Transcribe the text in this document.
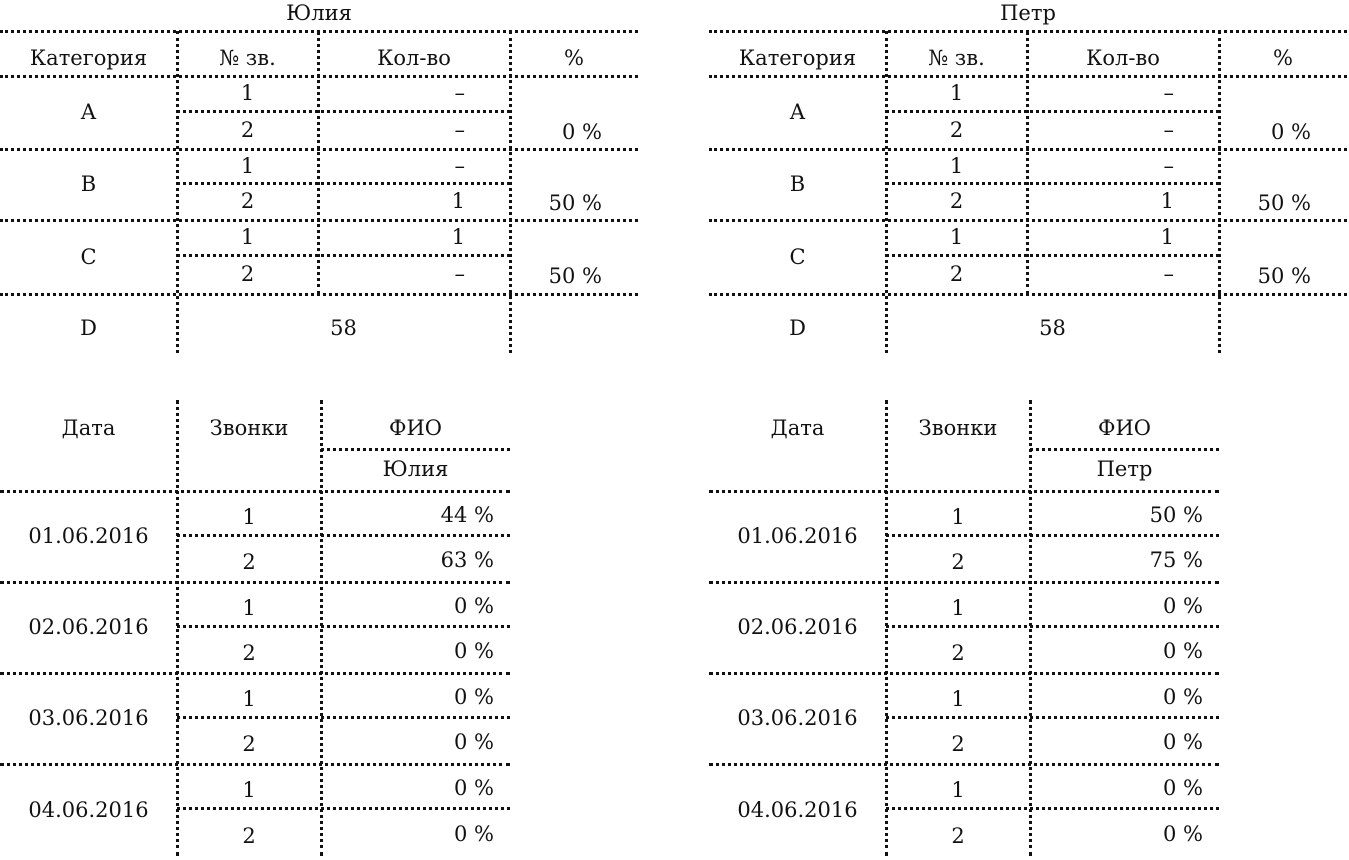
Юлия
Категория	№ зв.	Кол-во	%
A
1	–
2	–	0 %
B
1	–
2	1	50 %
C
1	1
2	–	50 %
D	58
Петр
Категория	№ зв.	Кол-во	%
A
1	–
2	–	0 %
B
1	–
2	1	50 %
C
1	1
2	–	50 %
D	58
Дата	Звонки	ФИО
Юлия
01.06.2016
1	44 %
2	63 %
02.06.2016
1	0 %
2	0 %
03.06.2016
1	0 %
2	0 %
04.06.2016
1	0 %
2	0 %
Дата	Звонки	ФИО
Петр
01.06.2016
1	50 %
2	75 %
02.06.2016
1	0 %
2	0 %
03.06.2016
1	0 %
2	0 %
04.06.2016
1	0 %
2	0 %
